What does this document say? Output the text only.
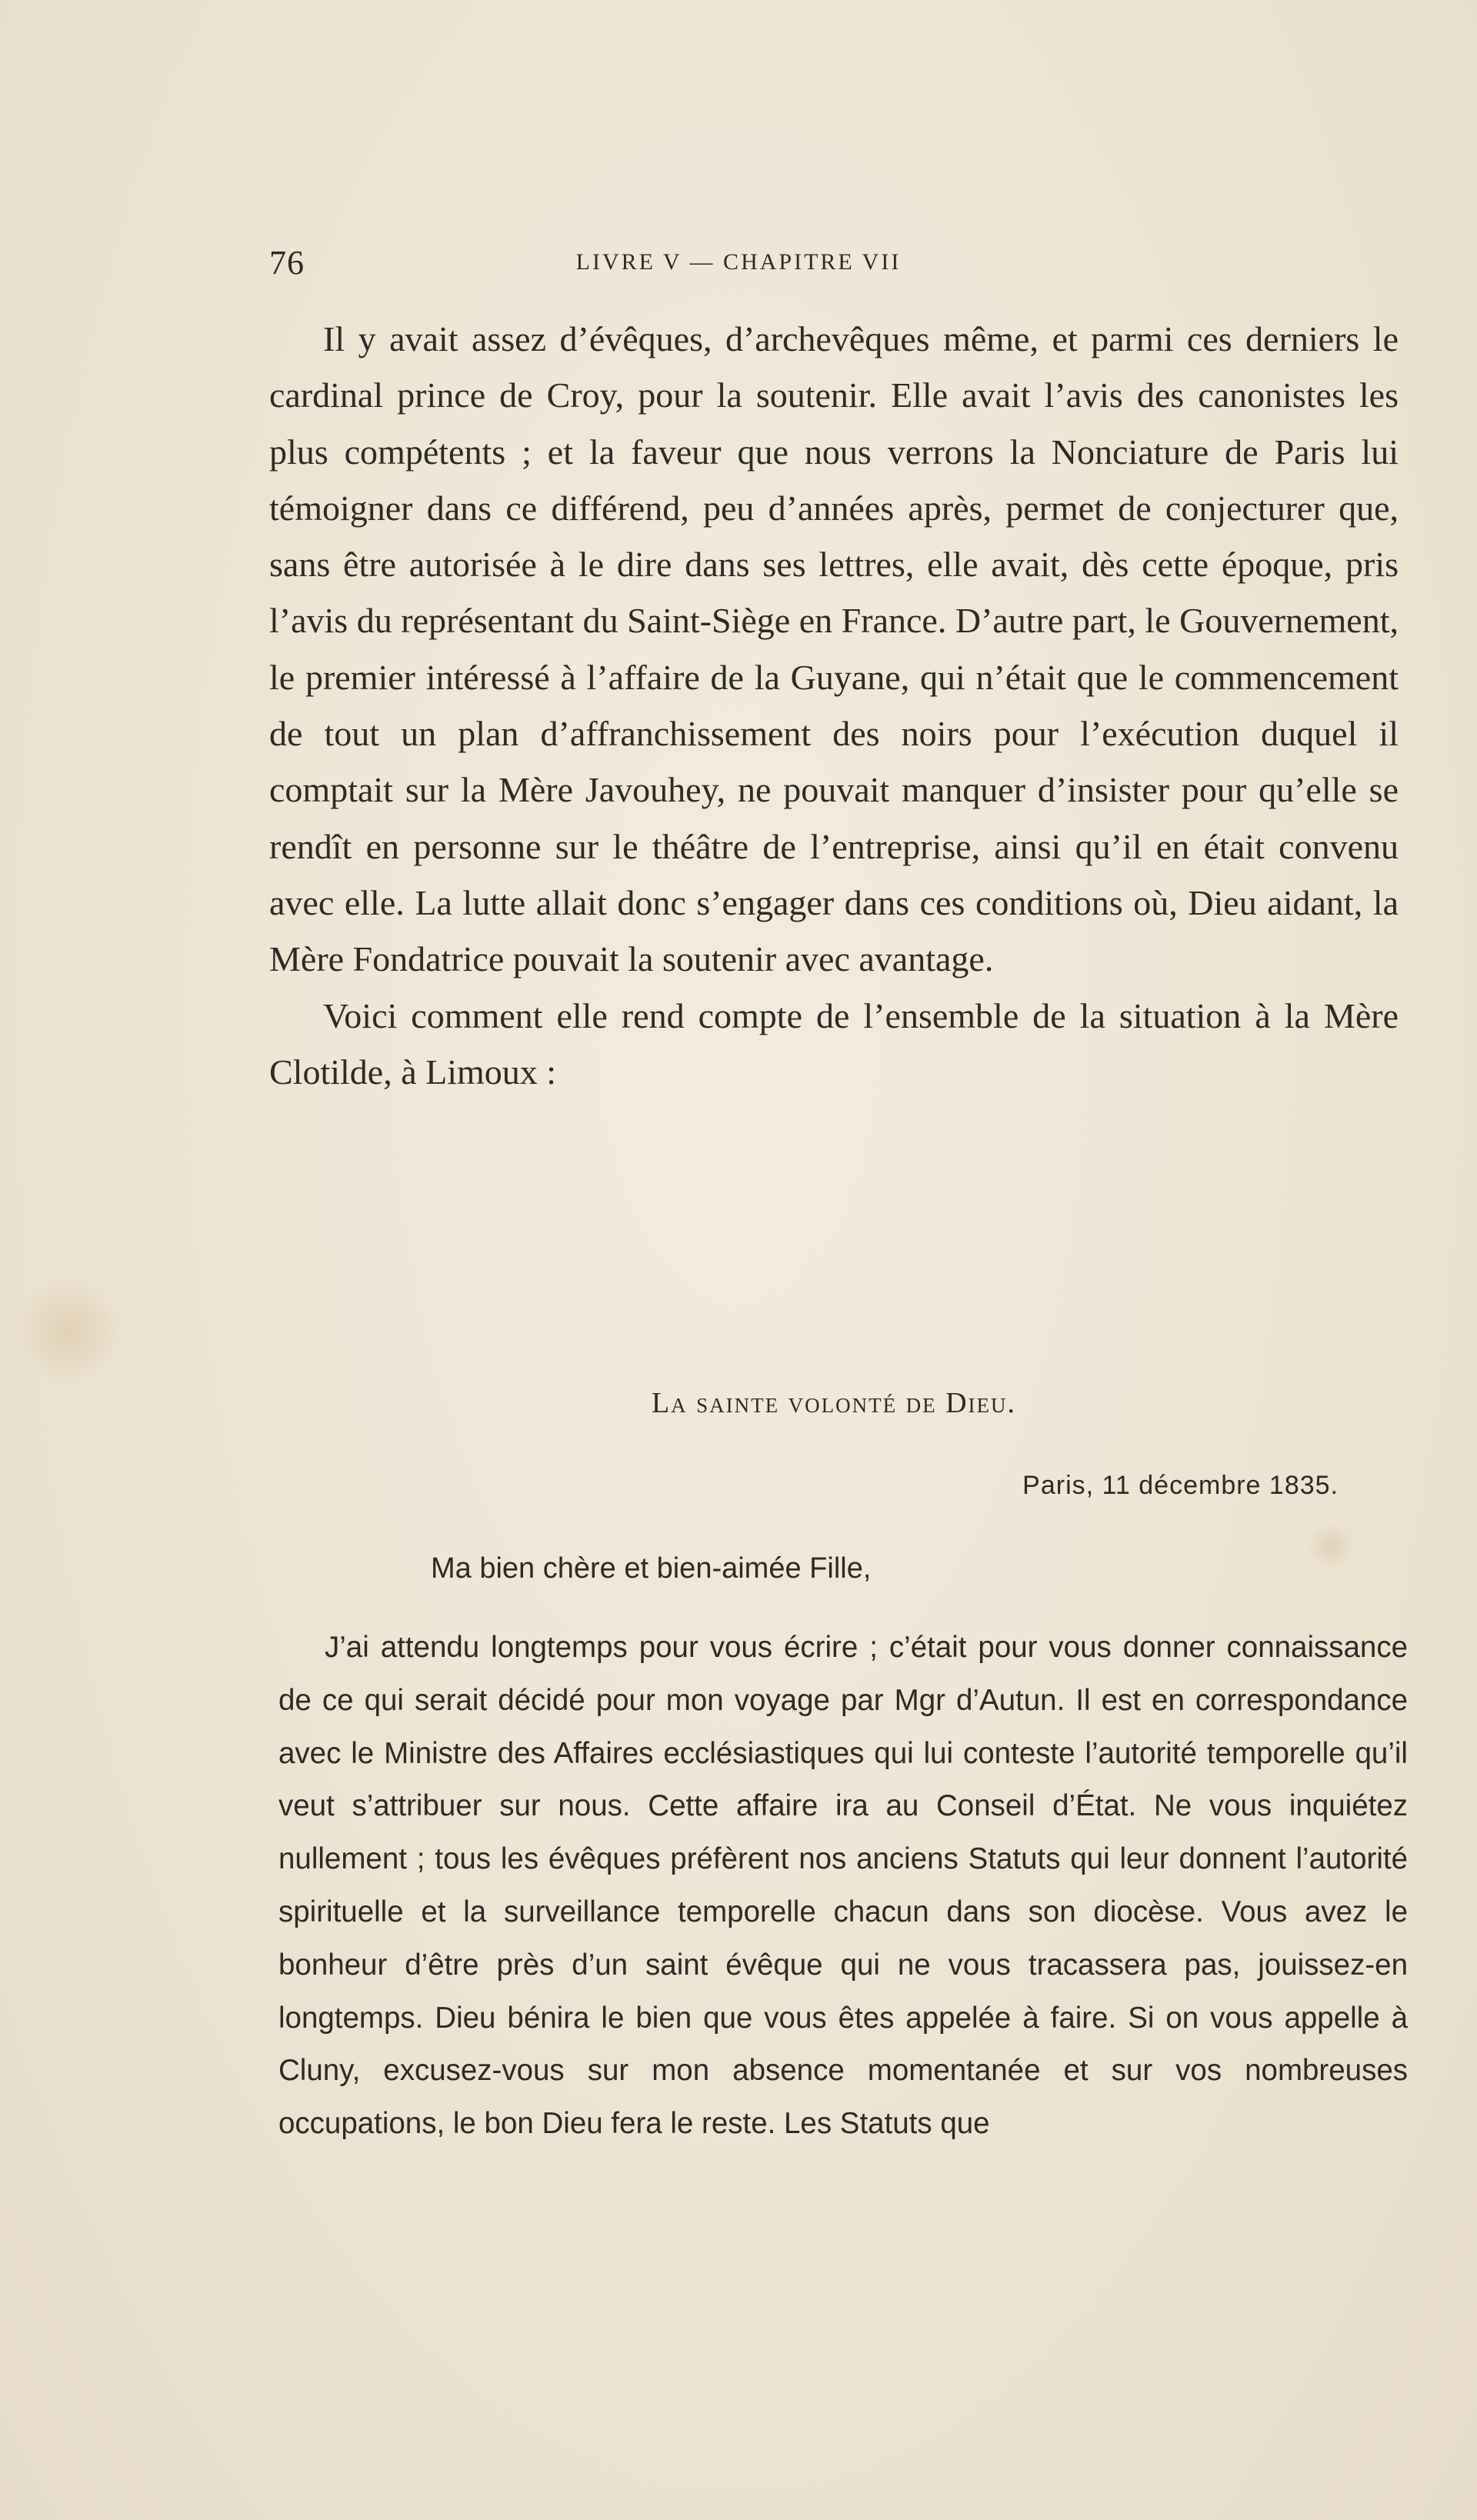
76	LIVRE V — CHAPITRE VII

Il y avait assez d’évêques, d’archevêques même, et parmi ces derniers le cardinal prince de Croy, pour la soutenir. Elle avait l’avis des canonistes les plus compétents ; et la faveur que nous verrons la Nonciature de Paris lui témoigner dans ce différend, peu d’années après, permet de conjecturer que, sans être autorisée à le dire dans ses lettres, elle avait, dès cette époque, pris l’avis du représentant du Saint-Siège en France. D’autre part, le Gouvernement, le premier intéressé à l’affaire de la Guyane, qui n’était que le commencement de tout un plan d’affranchissement des noirs pour l’exécution duquel il comptait sur la Mère Javouhey, ne pouvait manquer d’insister pour qu’elle se rendît en personne sur le théâtre de l’entreprise, ainsi qu’il en était convenu avec elle. La lutte allait donc s’engager dans ces conditions où, Dieu aidant, la Mère Fondatrice pouvait la soutenir avec avantage.

Voici comment elle rend compte de l’ensemble de la situation à la Mère Clotilde, à Limoux :

La sainte volonté de Dieu.
Paris, 11 décembre 1835.
Ma bien chère et bien-aimée Fille,

J’ai attendu longtemps pour vous écrire ; c’était pour vous donner connaissance de ce qui serait décidé pour mon voyage par Mgr d’Autun. Il est en correspondance avec le Ministre des Affaires ecclésiastiques qui lui conteste l’autorité temporelle qu’il veut s’attribuer sur nous. Cette affaire ira au Conseil d’État. Ne vous inquiétez nullement ; tous les évêques préfèrent nos anciens Statuts qui leur donnent l’autorité spirituelle et la surveillance temporelle chacun dans son diocèse. Vous avez le bonheur d’être près d’un saint évêque qui ne vous tracassera pas, jouissez-en longtemps. Dieu bénira le bien que vous êtes appelée à faire. Si on vous appelle à Cluny, excusez-vous sur mon absence momentanée et sur vos nombreuses occupations, le bon Dieu fera le reste. Les Statuts que
